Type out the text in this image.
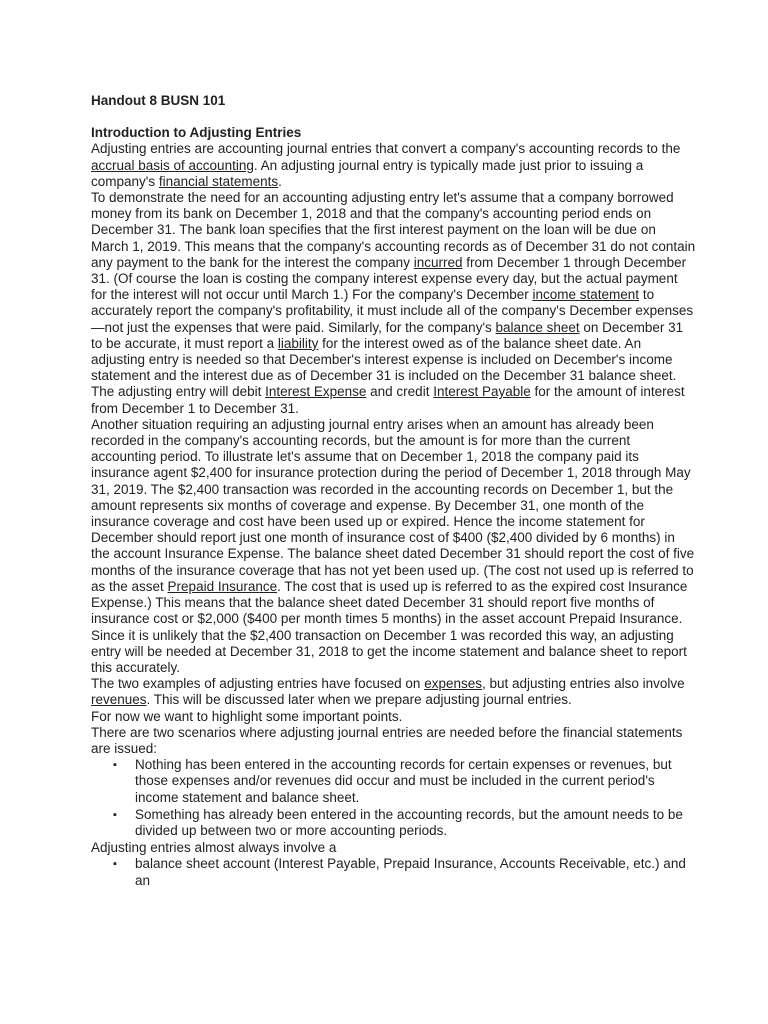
Handout 8 BUSN 101
Introduction to Adjusting Entries

Adjusting entries are accounting journal entries that convert a company's accounting records to the accrual basis of accounting. An adjusting journal entry is typically made just prior to issuing a company's financial statements.

To demonstrate the need for an accounting adjusting entry let's assume that a company borrowed money from its bank on December 1, 2018 and that the company's accounting period ends on December 31. The bank loan specifies that the first interest payment on the loan will be due on March 1, 2019. This means that the company's accounting records as of December 31 do not contain any payment to the bank for the interest the company incurred from December 1 through December 31. (Of course the loan is costing the company interest expense every day, but the actual payment for the interest will not occur until March 1.) For the company's December income statement to accurately report the company's profitability, it must include all of the company's December expenses—not just the expenses that were paid. Similarly, for the company's balance sheet on December 31 to be accurate, it must report a liability for the interest owed as of the balance sheet date. An adjusting entry is needed so that December's interest expense is included on December's income statement and the interest due as of December 31 is included on the December 31 balance sheet. The adjusting entry will debit Interest Expense and credit Interest Payable for the amount of interest from December 1 to December 31.

Another situation requiring an adjusting journal entry arises when an amount has already been recorded in the company's accounting records, but the amount is for more than the current accounting period. To illustrate let's assume that on December 1, 2018 the company paid its insurance agent $2,400 for insurance protection during the period of December 1, 2018 through May 31, 2019. The $2,400 transaction was recorded in the accounting records on December 1, but the amount represents six months of coverage and expense. By December 31, one month of the insurance coverage and cost have been used up or expired. Hence the income statement for December should report just one month of insurance cost of $400 ($2,400 divided by 6 months) in the account Insurance Expense. The balance sheet dated December 31 should report the cost of five months of the insurance coverage that has not yet been used up. (The cost not used up is referred to as the asset Prepaid Insurance. The cost that is used up is referred to as the expired cost Insurance Expense.) This means that the balance sheet dated December 31 should report five months of insurance cost or $2,000 ($400 per month times 5 months) in the asset account Prepaid Insurance. Since it is unlikely that the $2,400 transaction on December 1 was recorded this way, an adjusting entry will be needed at December 31, 2018 to get the income statement and balance sheet to report this accurately.

The two examples of adjusting entries have focused on expenses, but adjusting entries also involve revenues. This will be discussed later when we prepare adjusting journal entries.

For now we want to highlight some important points.

There are two scenarios where adjusting journal entries are needed before the financial statements are issued:

▪ Nothing has been entered in the accounting records for certain expenses or revenues, but those expenses and/or revenues did occur and must be included in the current period's income statement and balance sheet.
▪ Something has already been entered in the accounting records, but the amount needs to be divided up between two or more accounting periods.

Adjusting entries almost always involve a

▪ balance sheet account (Interest Payable, Prepaid Insurance, Accounts Receivable, etc.) and an
